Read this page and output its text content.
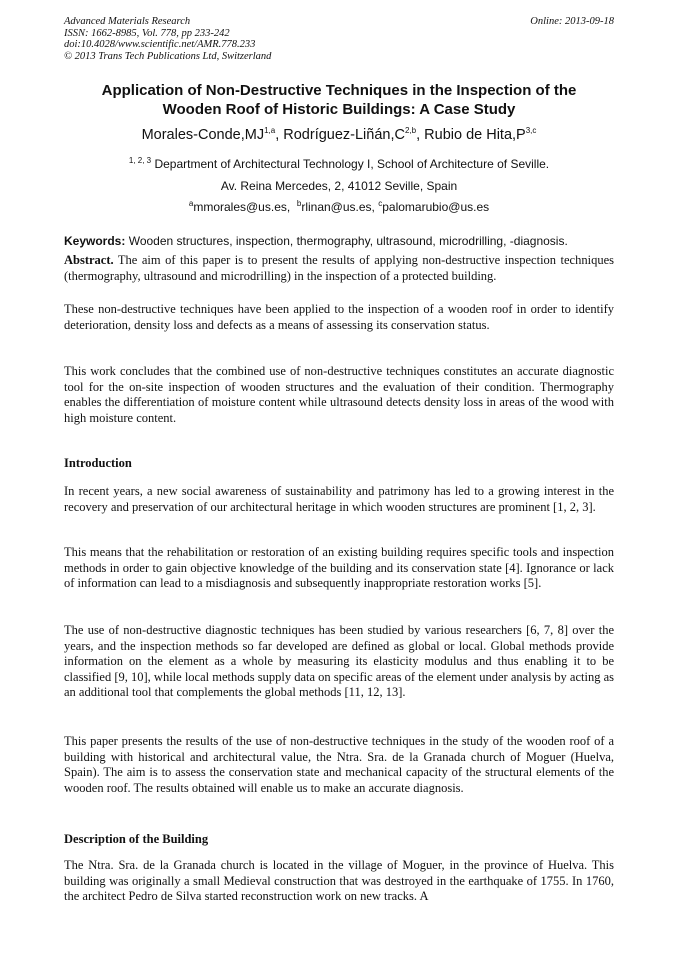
Advanced Materials Research
ISSN: 1662-8985, Vol. 778, pp 233-242
doi:10.4028/www.scientific.net/AMR.778.233
© 2013 Trans Tech Publications Ltd, Switzerland
Online: 2013-09-18
Application of Non-Destructive Techniques in the Inspection of the
Wooden Roof of Historic Buildings: A Case Study
Morales-Conde,MJ$^{1,a}$, Rodríguez-$Liñán,C^{2,b}$, Rubio de $Hita,P^{3,c}$
$^{1, 2, 3}$ Department of Architectural Technology I, School of Architecture of Seville.
Av. Reina Mercedes, 2, 41012 Seville, Spain
$^a$mmorales@us.es, $^b$rlinan@us.es, $^c$palomarubio@us.es
Keywords: Wooden structures, inspection, thermography, ultrasound, microdrilling, -diagnosis.
Abstract. The aim of this paper is to present the results of applying non-destructive inspection techniques (thermography, ultrasound and microdrilling) in the inspection of a protected building.
These non-destructive techniques have been applied to the inspection of a wooden roof in order to identify deterioration, density loss and defects as a means of assessing its conservation status.
This work concludes that the combined use of non-destructive techniques constitutes an accurate diagnostic tool for the on-site inspection of wooden structures and the evaluation of their condition. Thermography enables the differentiation of moisture content while ultrasound detects density loss in areas of the wood with high moisture content.
Introduction
In recent years, a new social awareness of sustainability and patrimony has led to a growing interest in the recovery and preservation of our architectural heritage in which wooden structures are prominent [1, 2, 3].
This means that the rehabilitation or restoration of an existing building requires specific tools and inspection methods in order to gain objective knowledge of the building and its conservation state [4]. Ignorance or lack of information can lead to a misdiagnosis and subsequently inappropriate restoration works [5].
The use of non-destructive diagnostic techniques has been studied by various researchers [6, 7, 8] over the years, and the inspection methods so far developed are defined as global or local. Global methods provide information on the element as a whole by measuring its elasticity modulus and thus enabling it to be classified [9, 10], while local methods supply data on specific areas of the element under analysis by acting as an additional tool that complements the global methods [11, 12, 13].
This paper presents the results of the use of non-destructive techniques in the study of the wooden roof of a building with historical and architectural value, the Ntra. Sra. de la Granada church of Moguer (Huelva, Spain). The aim is to assess the conservation state and mechanical capacity of the structural elements of the wooden roof. The results obtained will enable us to make an accurate diagnosis.
Description of the Building
The Ntra. Sra. de la Granada church is located in the village of Moguer, in the province of Huelva. This building was originally a small Medieval construction that was destroyed in the earthquake of 1755. In 1760, the architect Pedro de Silva started reconstruction work on new tracks. A
